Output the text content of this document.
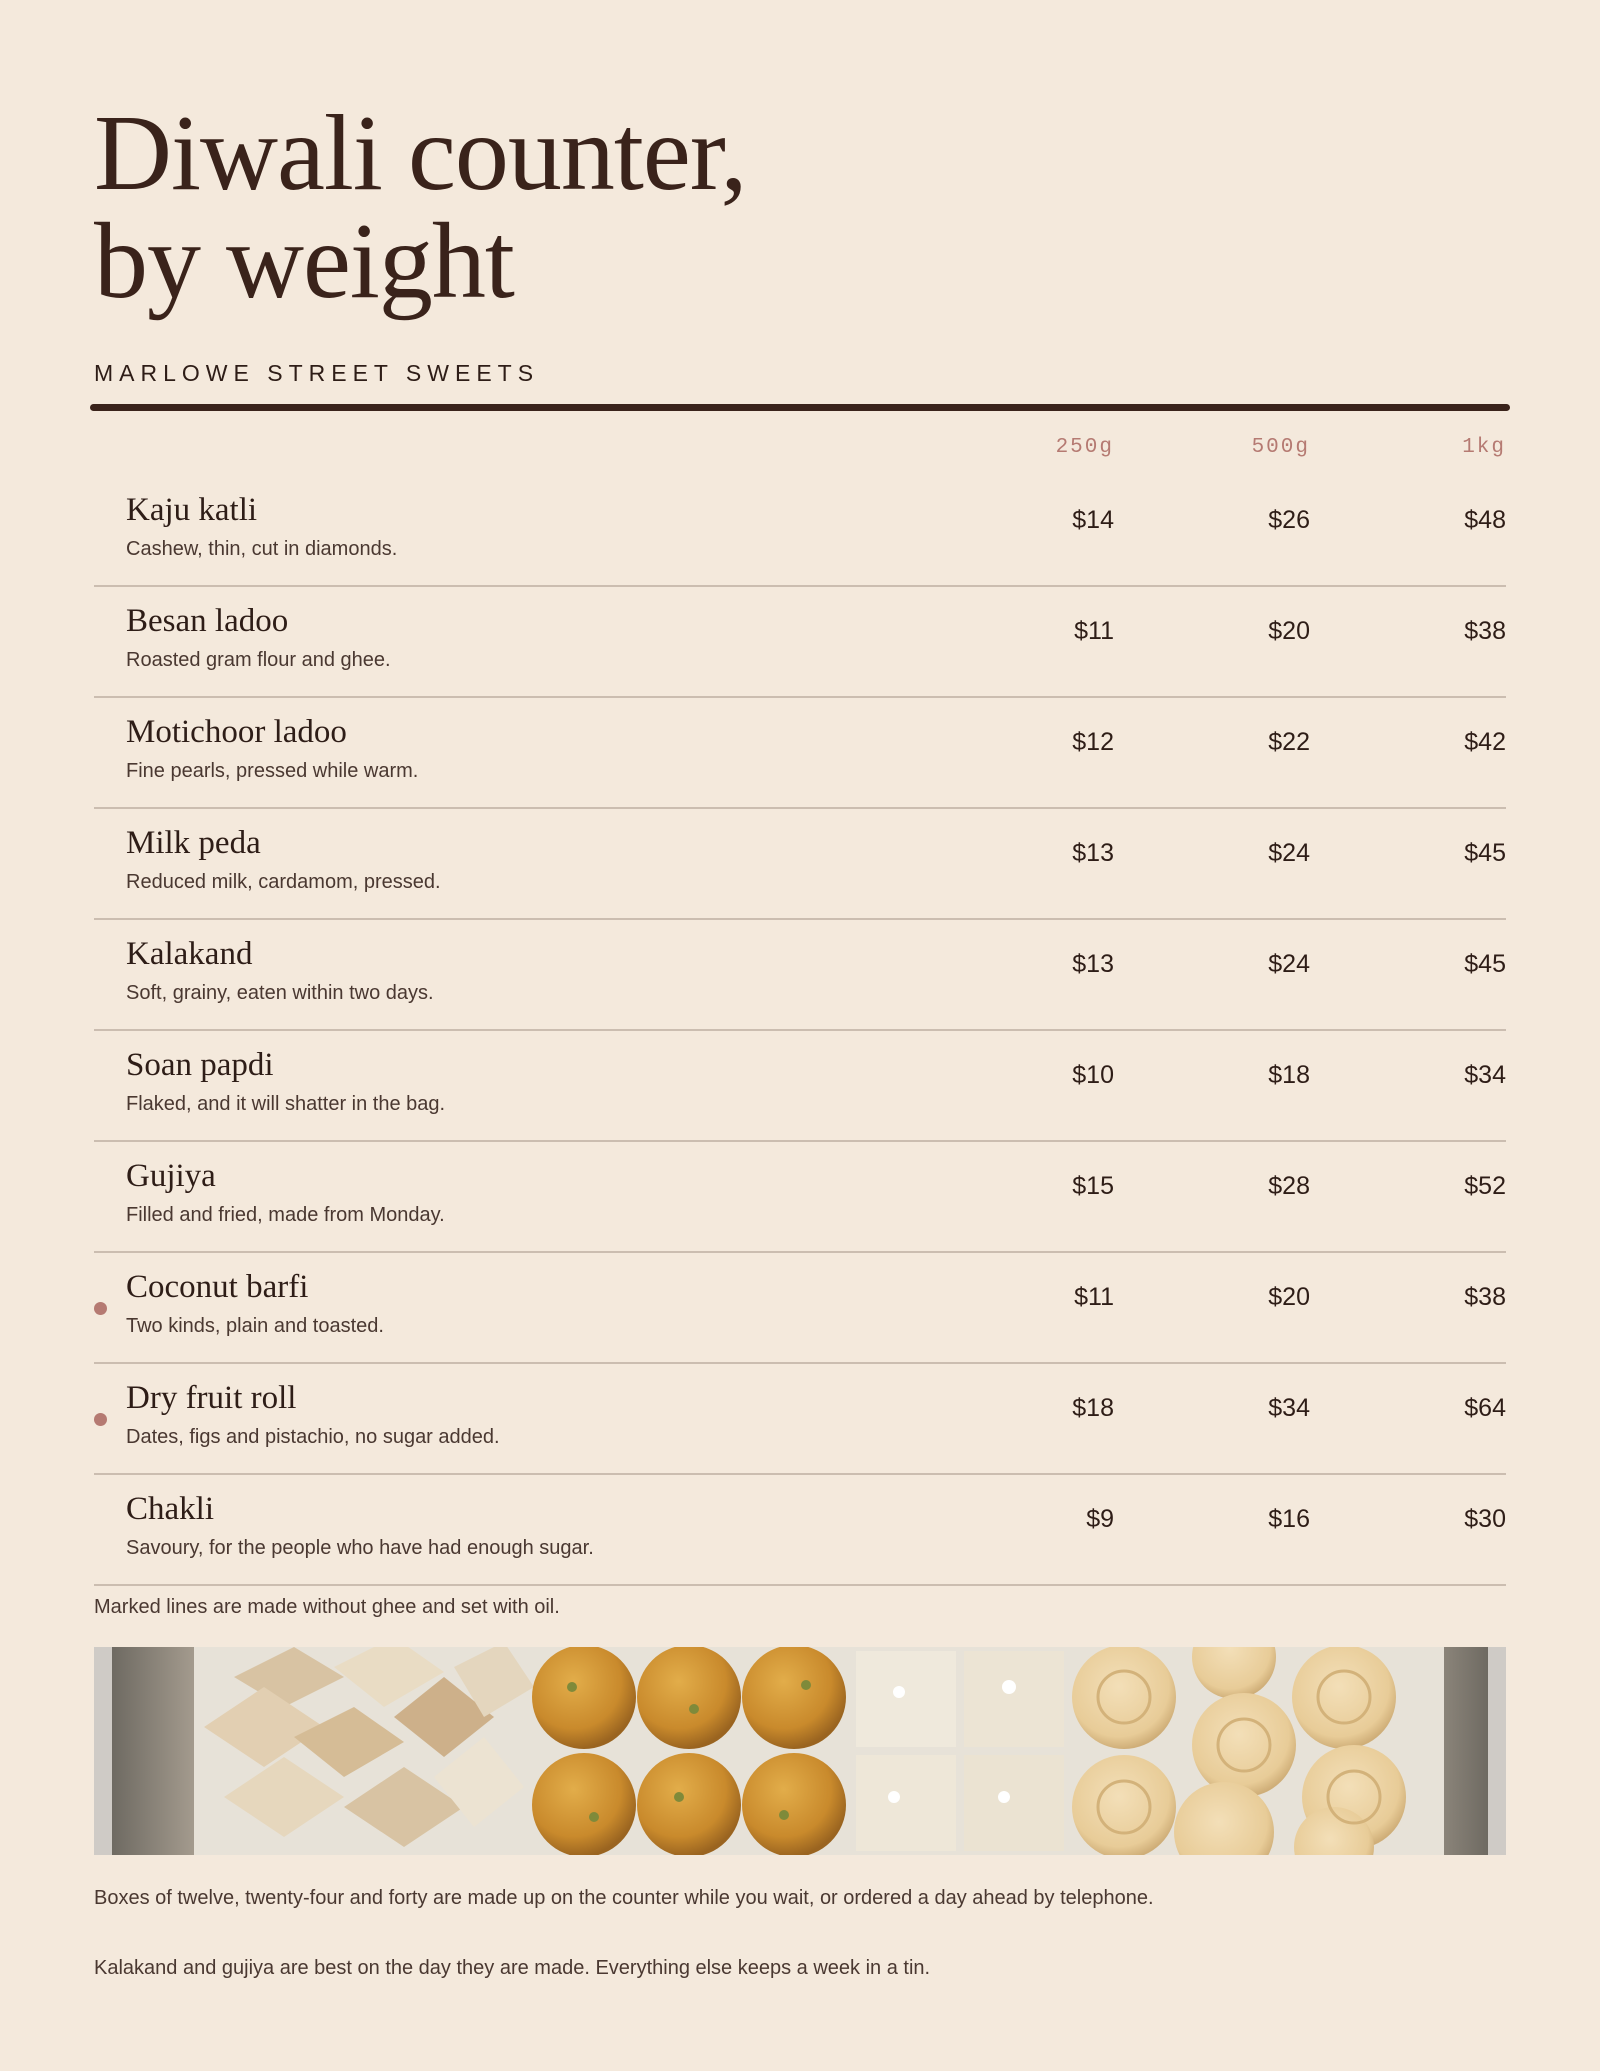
Diwali counter,
by weight
MARLOWE STREET SWEETS
250g	500g	1kg
Kaju katli
Cashew, thin, cut in diamonds.
$14	$26	$48
Besan ladoo
Roasted gram flour and ghee.
$11	$20	$38
Motichoor ladoo
Fine pearls, pressed while warm.
$12	$22	$42
Milk peda
Reduced milk, cardamom, pressed.
$13	$24	$45
Kalakand
Soft, grainy, eaten within two days.
$13	$24	$45
Soan papdi
Flaked, and it will shatter in the bag.
$10	$18	$34
Gujiya
Filled and fried, made from Monday.
$15	$28	$52
Coconut barfi
Two kinds, plain and toasted.
$11	$20	$38
Dry fruit roll
Dates, figs and pistachio, no sugar added.
$18	$34	$64
Chakli
Savoury, for the people who have had enough sugar.
$9	$16	$30
Marked lines are made without ghee and set with oil.
Boxes of twelve, twenty-four and forty are made up on the counter while you wait, or ordered a day ahead by telephone.
Kalakand and gujiya are best on the day they are made. Everything else keeps a week in a tin.
